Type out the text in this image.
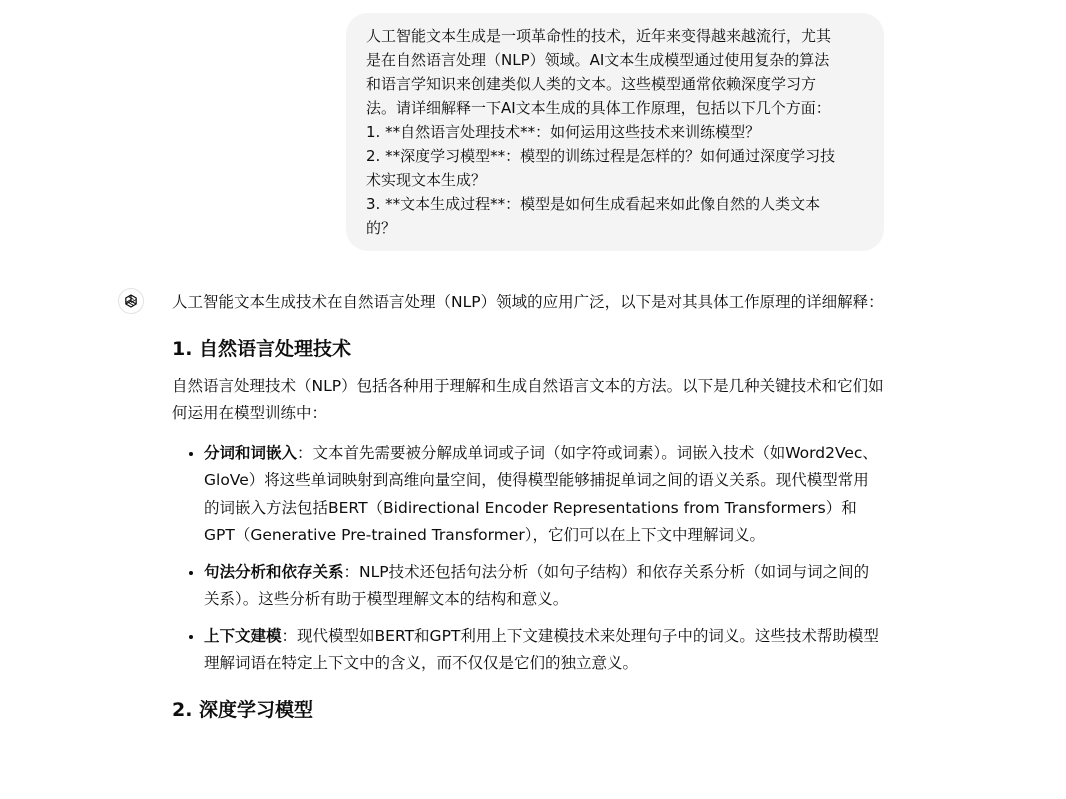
人工智能文本生成是一项革命性的技术，近年来变得越来越流行，尤其

是在自然语言处理（NLP）领域。AI文本生成模型通过使用复杂的算法

和语言学知识来创建类似人类的文本。这些模型通常依赖深度学习方

法。请详细解释一下AI文本生成的具体工作原理，包括以下几个方面：

1. **自然语言处理技术**：如何运用这些技术来训练模型？

2. **深度学习模型**：模型的训练过程是怎样的？如何通过深度学习技

术实现文本生成？

3. **文本生成过程**：模型是如何生成看起来如此像自然的人类文本

的？

人工智能文本生成技术在自然语言处理（NLP）领域的应用广泛，以下是对其具体工作原理的详细解释：

1. 自然语言处理技术

自然语言处理技术（NLP）包括各种用于理解和生成自然语言文本的方法。以下是几种关键技术和它们如何运用在模型训练中：

• 分词和词嵌入：文本首先需要被分解成单词或子词（如字符或词素）。词嵌入技术（如Word2Vec、GloVe）将这些单词映射到高维向量空间，使得模型能够捕捉单词之间的语义关系。现代模型常用的词嵌入方法包括BERT（Bidirectional Encoder Representations from Transformers）和GPT（Generative Pre-trained Transformer），它们可以在上下文中理解词义。
• 句法分析和依存关系：NLP技术还包括句法分析（如句子结构）和依存关系分析（如词与词之间的关系）。这些分析有助于模型理解文本的结构和意义。
• 上下文建模：现代模型如BERT和GPT利用上下文建模技术来处理句子中的词义。这些技术帮助模型理解词语在特定上下文中的含义，而不仅仅是它们的独立意义。
2. 深度学习模型
